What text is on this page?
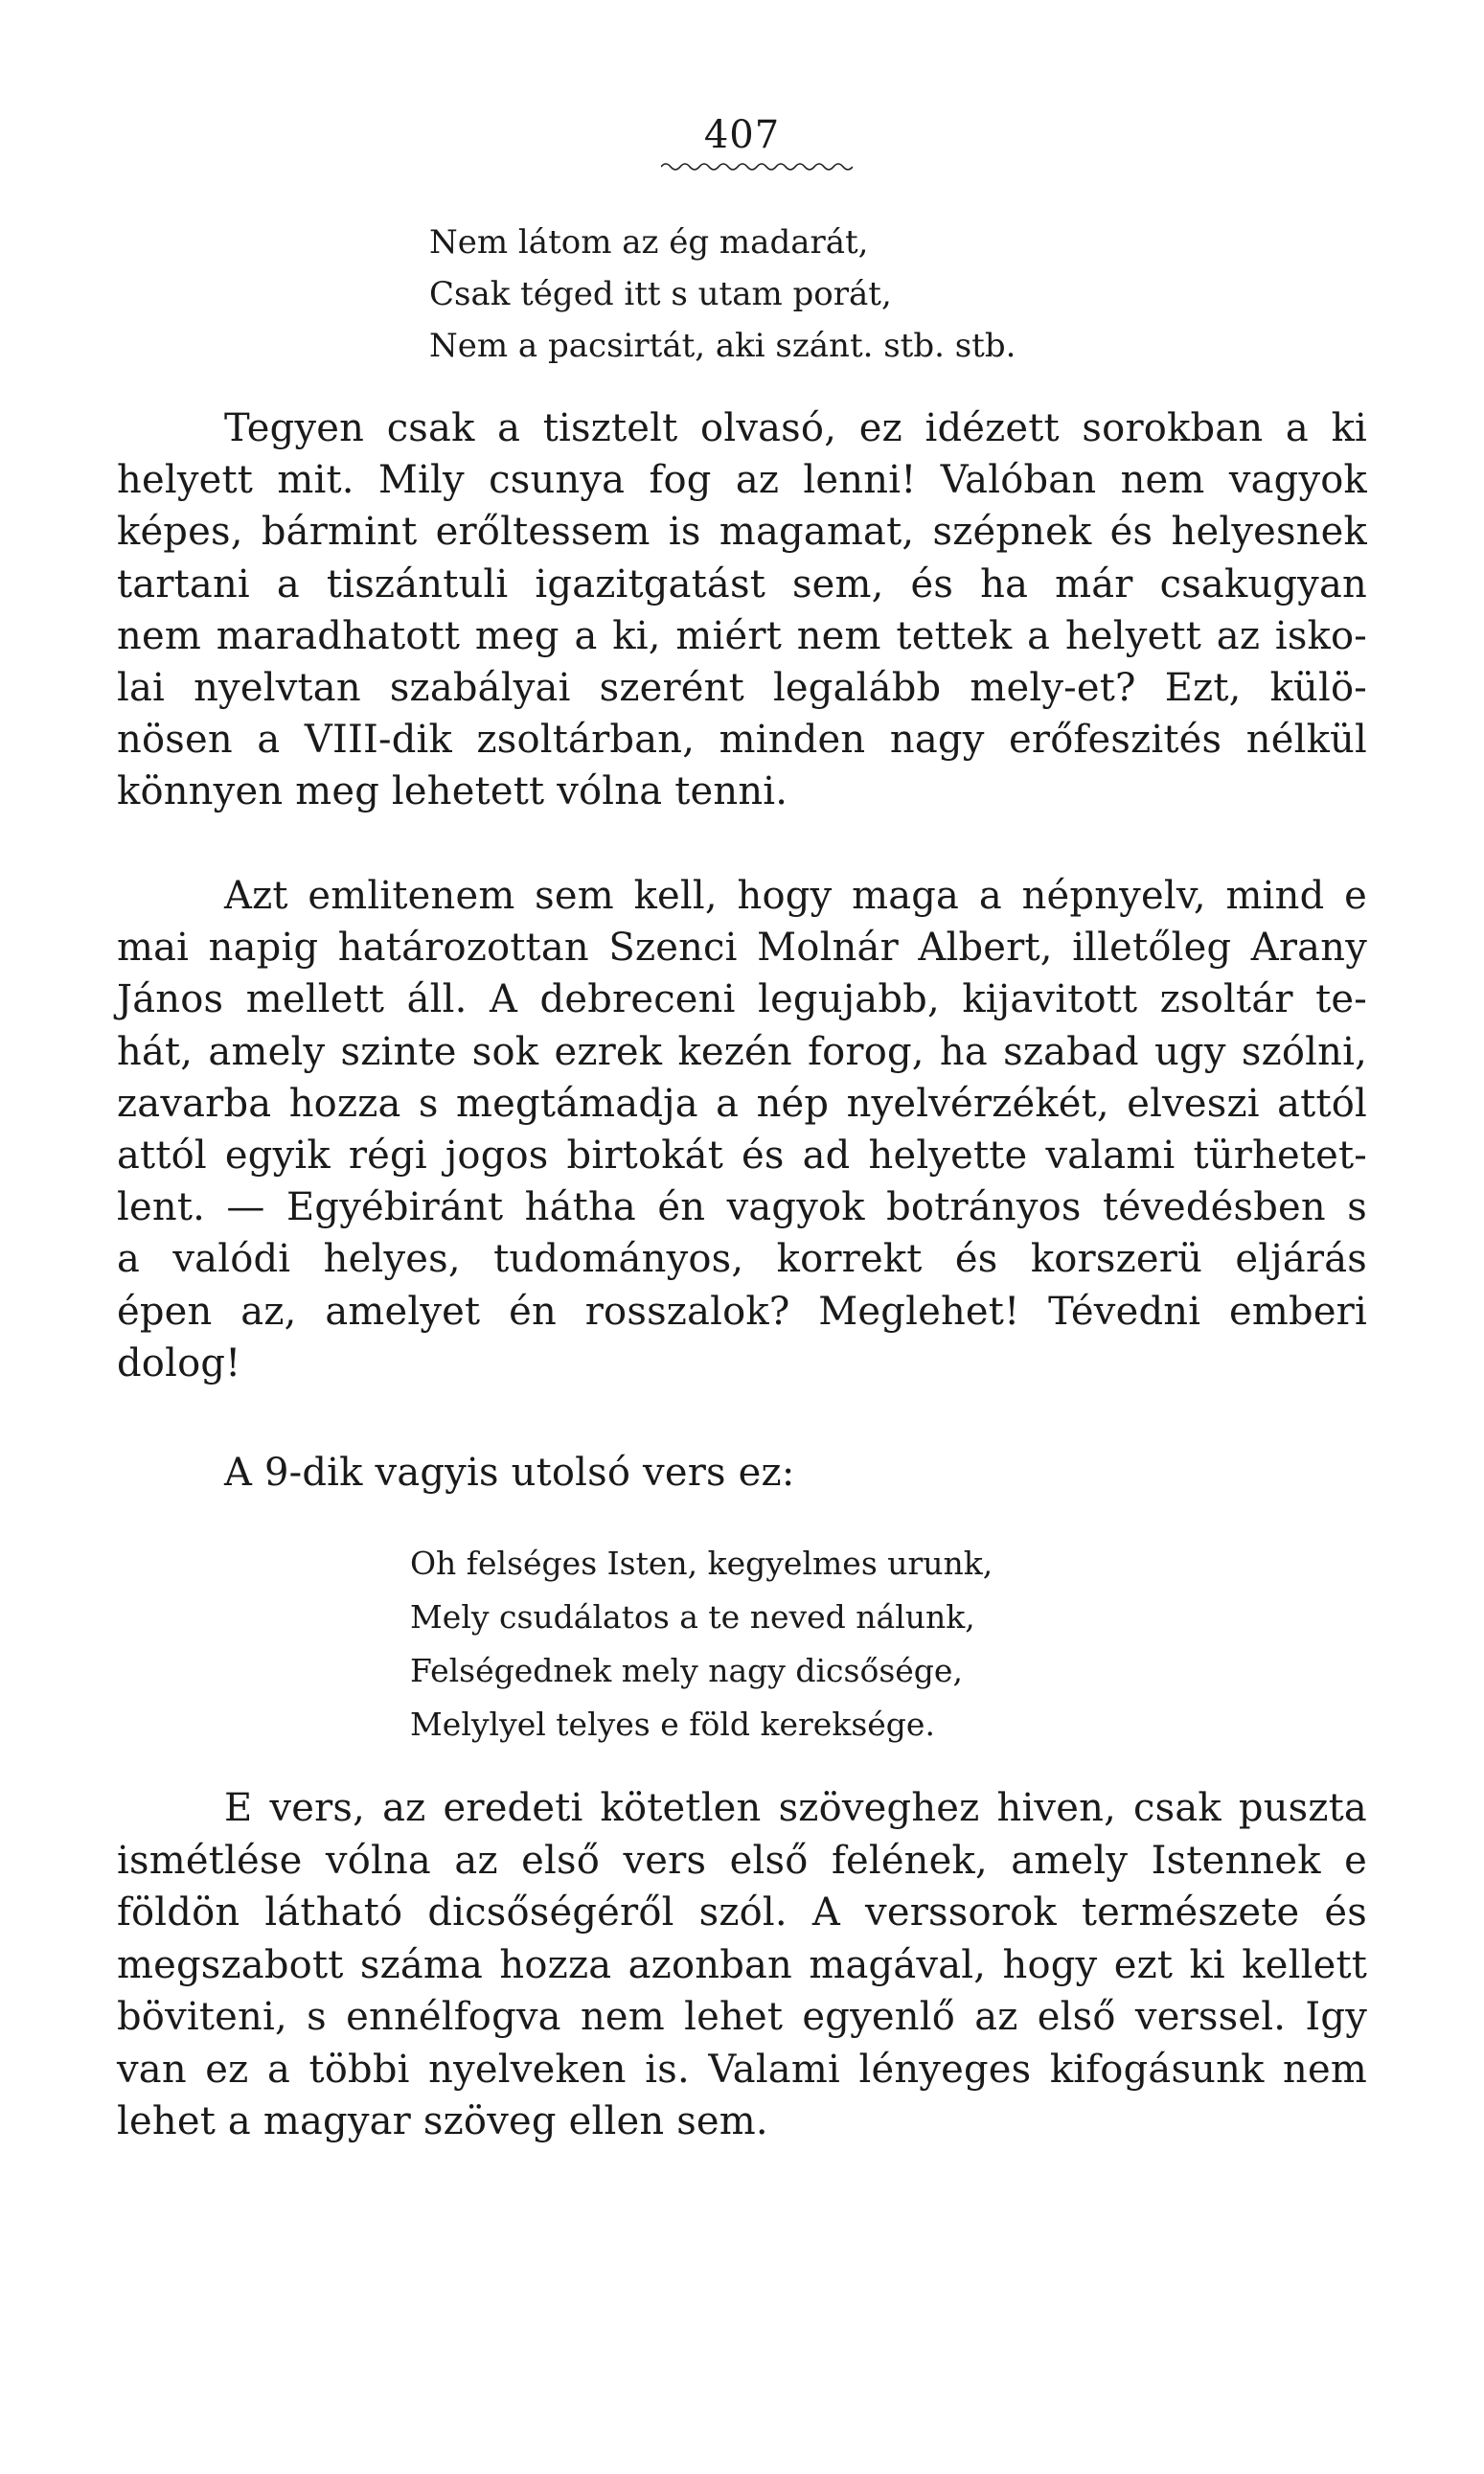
407
Nem látom az ég madarát,
Csak téged itt s utam porát,
Nem a pacsirtát, aki szánt. stb. stb.
Tegyen csak a tisztelt olvasó, ez idézett sorokban a ki
helyett mit. Mily csunya fog az lenni! Valóban nem vagyok
képes, bármint erőltessem is magamat, szépnek és helyesnek
tartani a tiszántuli igazitgatást sem, és ha már csakugyan
nem maradhatott meg a ki, miért nem tettek a helyett az isko-
lai nyelvtan szabályai szerént legalább mely-et? Ezt, külö-
nösen a VIII-dik zsoltárban, minden nagy erőfeszités nélkül
könnyen meg lehetett vólna tenni.
Azt emlitenem sem kell, hogy maga a népnyelv, mind e
mai napig határozottan Szenci Molnár Albert, illetőleg Arany
János mellett áll. A debreceni legujabb, kijavitott zsoltár te-
hát, amely szinte sok ezrek kezén forog, ha szabad ugy szólni,
zavarba hozza s megtámadja a nép nyelvérzékét, elveszi attól
attól egyik régi jogos birtokát és ad helyette valami türhetet-
lent. — Egyébiránt hátha én vagyok botrányos tévedésben s
a valódi helyes, tudományos, korrekt és korszerü eljárás
épen az, amelyet én rosszalok? Meglehet! Tévedni emberi
dolog!
A 9-dik vagyis utolsó vers ez:
Oh felséges Isten, kegyelmes urunk,
Mely csudálatos a te neved nálunk,
Felségednek mely nagy dicsősége,
Melylyel telyes e föld kereksége.
E vers, az eredeti kötetlen szöveghez hiven, csak puszta
ismétlése vólna az első vers első felének, amely Istennek e
földön látható dicsőségéről szól. A verssorok természete és
megszabott száma hozza azonban magával, hogy ezt ki kellett
böviteni, s ennélfogva nem lehet egyenlő az első verssel. Igy
van ez a többi nyelveken is. Valami lényeges kifogásunk nem
lehet a magyar szöveg ellen sem.
